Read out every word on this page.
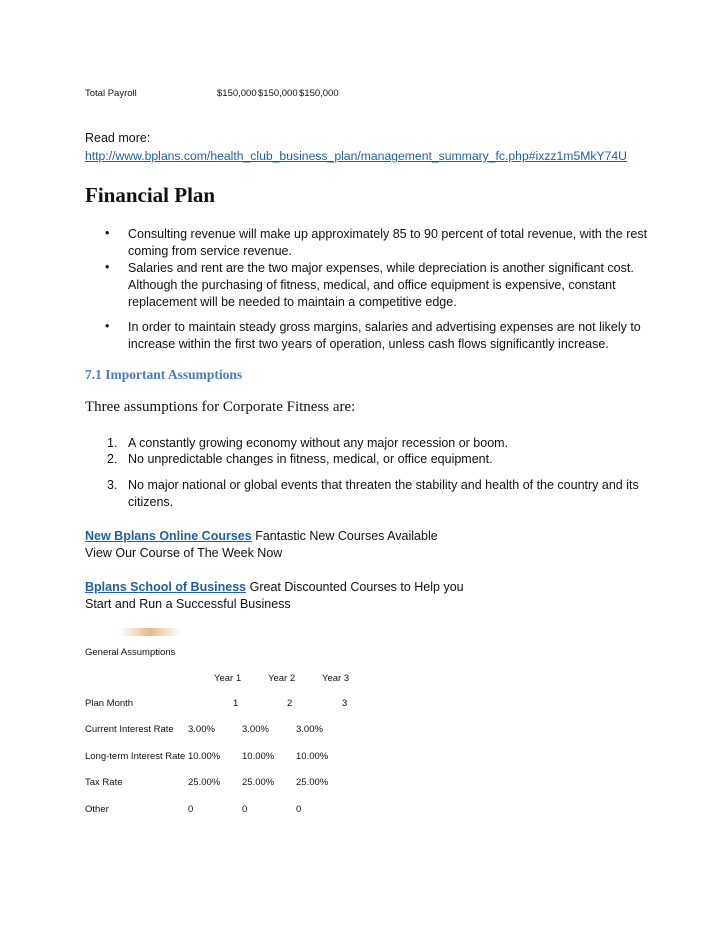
Total Payroll	$150,000 $150,000 $150,000
Read more:
http://www.bplans.com/health_club_business_plan/management_summary_fc.php#ixzz1m5MkY74U
Financial Plan
• Consulting revenue will make up approximately 85 to 90 percent of total revenue, with the rest
coming from service revenue.
• Salaries and rent are the two major expenses, while depreciation is another significant cost.
Although the purchasing of fitness, medical, and office equipment is expensive, constant
replacement will be needed to maintain a competitive edge.
• In order to maintain steady gross margins, salaries and advertising expenses are not likely to
increase within the first two years of operation, unless cash flows significantly increase.
7.1 Important Assumptions
Three assumptions for Corporate Fitness are:
1. A constantly growing economy without any major recession or boom.
2. No unpredictable changes in fitness, medical, or office equipment.
3. No major national or global events that threaten the stability and health of the country and its
citizens.
New Bplans Online Courses Fantastic New Courses Available
View Our Course of The Week Now
Bplans School of Business Great Discounted Courses to Help you
Start and Run a Successful Business
General Assumptions
Year 1	Year 2	Year 3
Plan Month	1	2	3
Current Interest Rate 3.00%	3.00%	3.00%
Long-term Interest Rate 10.00% 10.00% 10.00%
Tax Rate	25.00% 25.00% 25.00%
Other	0	0	0
